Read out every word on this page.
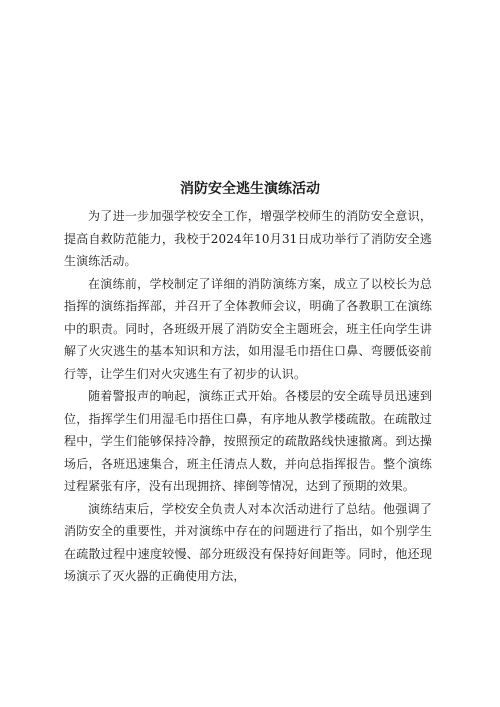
消防安全逃生演练活动

为了进一步加强学校安全工作，增强学校师生的消防安全意识，提高自救防范能力，我校于2024年10月31日成功举行了消防安全逃生演练活动。

在演练前，学校制定了详细的消防演练方案，成立了以校长为总指挥的演练指挥部，并召开了全体教师会议，明确了各教职工在演练中的职责。同时，各班级开展了消防安全主题班会，班主任向学生讲解了火灾逃生的基本知识和方法，如用湿毛巾捂住口鼻、弯腰低姿前行等，让学生们对火灾逃生有了初步的认识。

随着警报声的响起，演练正式开始。各楼层的安全疏导员迅速到位，指挥学生们用湿毛巾捂住口鼻，有序地从教学楼疏散。在疏散过程中，学生们能够保持冷静，按照预定的疏散路线快速撤离。到达操场后，各班迅速集合，班主任清点人数，并向总指挥报告。整个演练过程紧张有序，没有出现拥挤、摔倒等情况，达到了预期的效果。

演练结束后，学校安全负责人对本次活动进行了总结。他强调了消防安全的重要性，并对演练中存在的问题进行了指出，如个别学生在疏散过程中速度较慢、部分班级没有保持好间距等。同时，他还现场演示了灭火器的正确使用方法，
